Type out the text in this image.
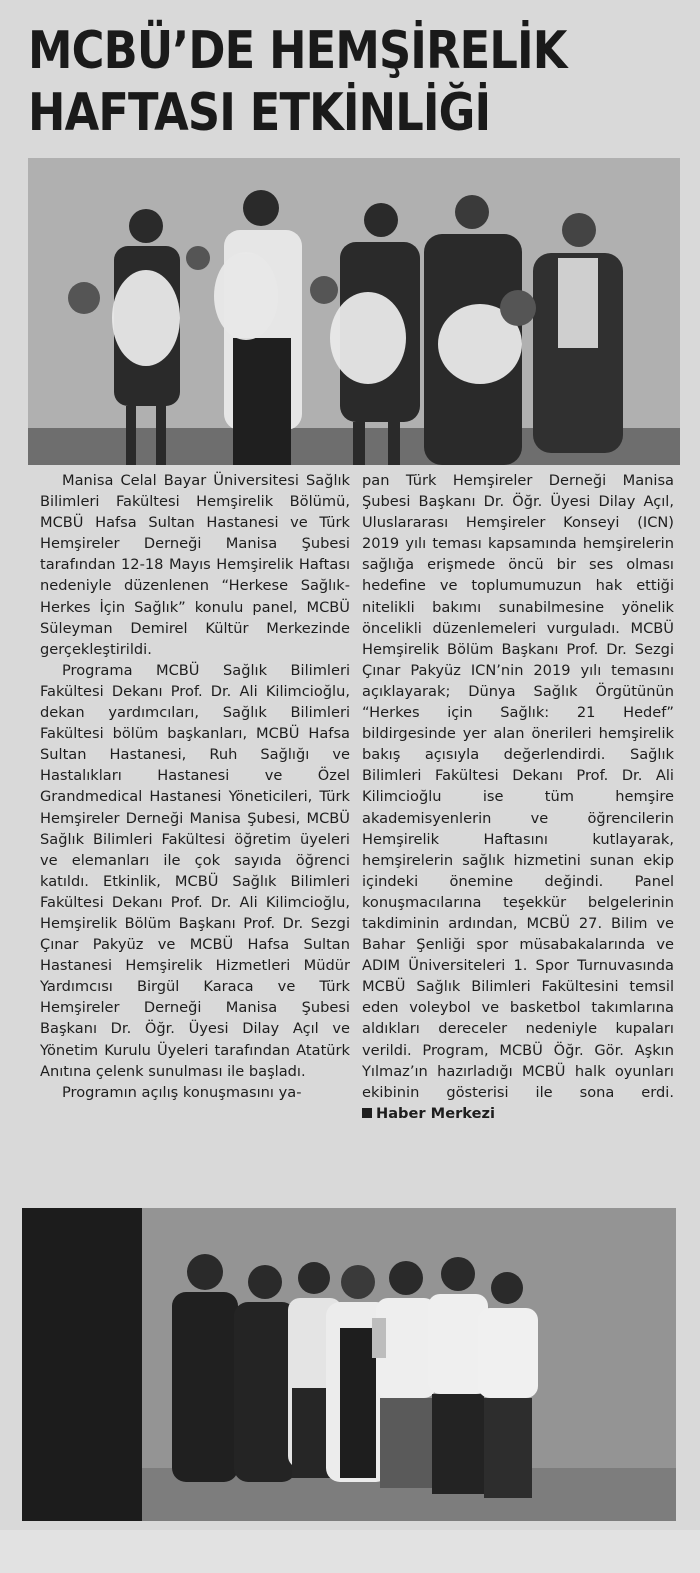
MCBÜ’DE HEMŞİRELİK
HAFTASI ETKİNLİĞİ

Manisa Celal Bayar Üniversitesi Sağlık Bilimleri Fakültesi Hemşirelik Bölümü, MCBÜ Hafsa Sultan Hastanesi ve Türk Hemşireler Derneği Manisa Şubesi tarafından 12-18 Mayıs Hemşirelik Haftası nedeniyle düzenlenen “Herkese Sağlık-Herkes İçin Sağlık” konulu panel, MCBÜ Süleyman Demirel Kültür Merkezinde gerçekleştirildi.

Programa MCBÜ Sağlık Bilimleri Fakültesi Dekanı Prof. Dr. Ali Kilimcioğlu, dekan yardımcıları, Sağlık Bilimleri Fakültesi bölüm başkanları, MCBÜ Hafsa Sultan Hastanesi, Ruh Sağlığı ve Hastalıkları Hastanesi ve Özel Grandmedical Hastanesi Yöneticileri, Türk Hemşireler Derneği Manisa Şubesi, MCBÜ Sağlık Bilimleri Fakültesi öğretim üyeleri ve elemanları ile çok sayıda öğrenci katıldı. Etkinlik, MCBÜ Sağlık Bilimleri Fakültesi Dekanı Prof. Dr. Ali Kilimcioğlu, Hemşirelik Bölüm Başkanı Prof. Dr. Sezgi Çınar Pakyüz ve MCBÜ Hafsa Sultan Hastanesi Hemşirelik Hizmetleri Müdür Yardımcısı Birgül Karaca ve Türk Hemşireler Derneği Manisa Şubesi Başkanı Dr. Öğr. Üyesi Dilay Açıl ve Yönetim Kurulu Üyeleri tarafından Atatürk Anıtına çelenk sunulması ile başladı.

Programın açılış konuşmasını ya-

pan Türk Hemşireler Derneği Manisa Şubesi Başkanı Dr. Öğr. Üyesi Dilay Açıl, Uluslararası Hemşireler Konseyi (ICN) 2019 yılı teması kapsamında hemşirelerin sağlığa erişmede öncü bir ses olması hedefine ve toplumumuzun hak ettiği nitelikli bakımı sunabilmesine yönelik öncelikli düzenlemeleri vurguladı. MCBÜ Hemşirelik Bölüm Başkanı Prof. Dr. Sezgi Çınar Pakyüz ICN’nin 2019 yılı temasını açıklayarak; Dünya Sağlık Örgütünün “Herkes için Sağlık: 21 Hedef” bildirgesinde yer alan önerileri hemşirelik bakış açısıyla değerlendirdi. Sağlık Bilimleri Fakültesi Dekanı Prof. Dr. Ali Kilimcioğlu ise tüm hemşire akademisyenlerin ve öğrencilerin Hemşirelik Haftasını kutlayarak, hemşirelerin sağlık hizmetini sunan ekip içindeki önemine değindi. Panel konuşmacılarına teşekkür belgelerinin takdiminin ardından, MCBÜ 27. Bilim ve Bahar Şenliği spor müsabakalarında ve ADIM Üniversiteleri 1. Spor Turnuvasında MCBÜ Sağlık Bilimleri Fakültesini temsil eden voleybol ve basketbol takımlarına aldıkları dereceler nedeniyle kupaları verildi. Program, MCBÜ Öğr. Gör. Aşkın Yılmaz’ın hazırladığı MCBÜ halk oyunları ekibinin gösterisi ile sona erdi. Haber Merkezi
